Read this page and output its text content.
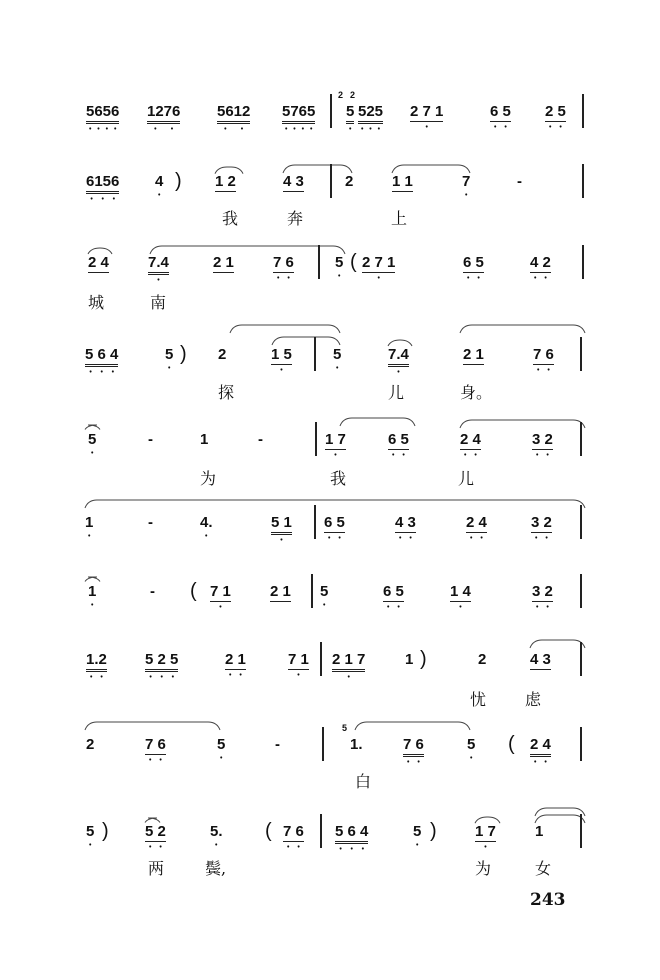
243
5656
• • • •
1276
• •
5612
• •
5765
• • • •
5
•
2
525
• • •
2
2 7 1
•
6 5
• •
2 5
• •
6156
• • •
4
•
1 2	4 3	2	1 1	7
•
-
)
我	奔	上
2 4	7.4
•
2 1	7 6
• •
5
•
2 7 1
•
6 5
• •
4 2
• •
(
城	南
5 6 4
• • •
5
•
2	1 5
•
5
•
7.4
•
2 1	7 6
• •
)
探	儿	身。
5
•
-	1	-	1 7
•
6 5
• •
2 4
• •
3 2
• •
为	我	儿
1
•
-	4.
•
5 1
•
6 5
• •
4 3
• •
2 4
• •
3 2
• •
1
•
-	7 1
•
2 1 5
•
6 5
• •
1 4
•
3 2
• •
(
1.2
• •
5 2 5
• • •
2 1
• •
7 1
•
2 1 7
•
1	2	4 3
)
忧 虑
2	7 6
• •
5
•
-	1.
5
7 6
• •
5
•
2 4
• •
(
白
5
•
5 2
• •
5.
•
7 6
• •
5 6 4
• • •
5
•
1 7
•
1
)	(	)
两	鬓,	为	女
